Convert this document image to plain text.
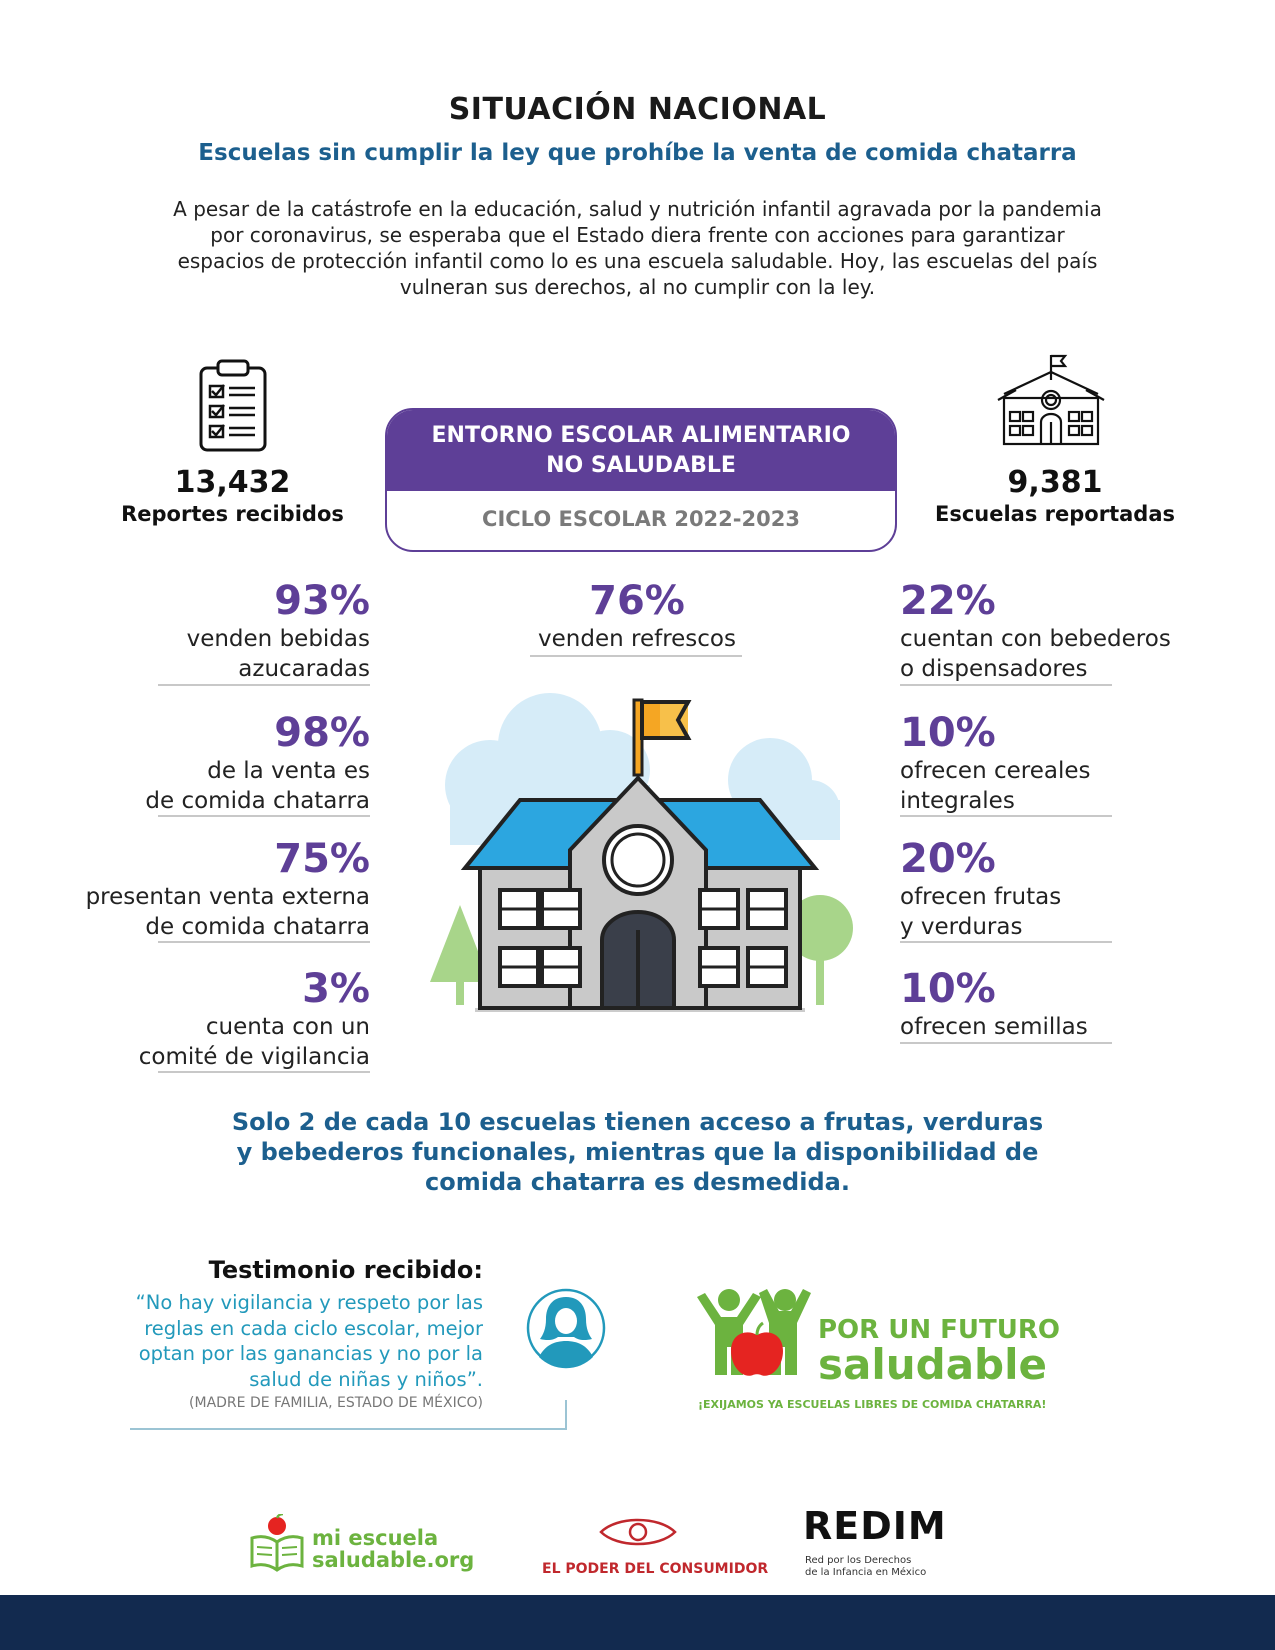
SITUACIÓN NACIONAL
Escuelas sin cumplir la ley que prohíbe la venta de comida chatarra
A pesar de la catástrofe en la educación, salud y nutrición infantil agravada por la pandemia por coronavirus, se esperaba que el Estado diera frente con acciones para garantizar espacios de protección infantil como lo es una escuela saludable. Hoy, las escuelas del país vulneran sus derechos, al no cumplir con la ley.
13,432
Reportes recibidos
9,381
Escuelas reportadas
ENTORNO ESCOLAR ALIMENTARIO
NO SALUDABLE
CICLO ESCOLAR 2022-2023
93%
venden bebidas
azucaradas
98%
de la venta es
de comida chatarra
75%
presentan venta externa
de comida chatarra
3%
cuenta con un
comité de vigilancia
76%
venden refrescos
22%
cuentan con bebederos
o dispensadores
10%
ofrecen cereales
integrales
20%
ofrecen frutas
y verduras
10%
ofrecen semillas
Solo 2 de cada 10 escuelas tienen acceso a frutas, verduras
y bebederos funcionales, mientras que la disponibilidad de
comida chatarra es desmedida.
Testimonio recibido:
“No hay vigilancia y respeto por las reglas en cada ciclo escolar, mejor optan por las ganancias y no por la salud de niñas y niños”.
(MADRE DE FAMILIA, ESTADO DE MÉXICO)
POR UN FUTURO
saludable
¡EXIJAMOS YA ESCUELAS LIBRES DE COMIDA CHATARRA!
mi escuela
saludable.org	EL PODER DEL CONSUMIDOR
REDIM
Red por los Derechos
de la Infancia en México
